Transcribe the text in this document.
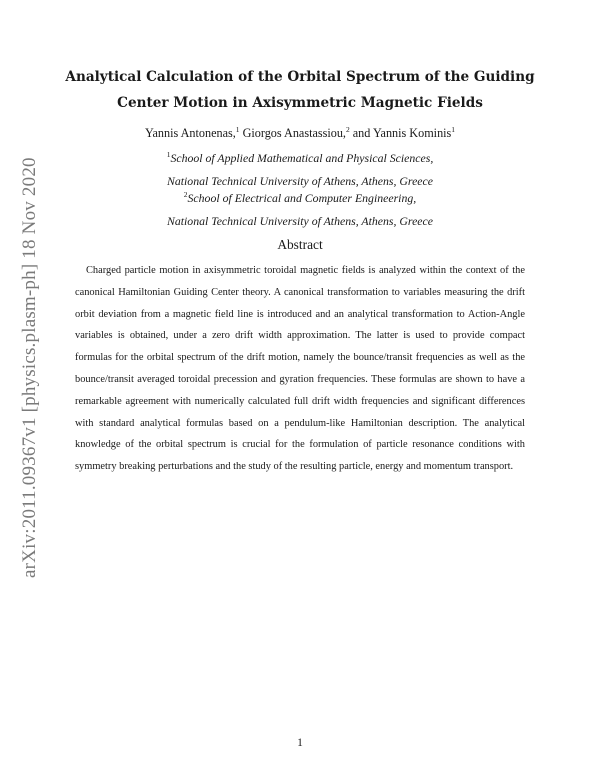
arXiv:2011.09367v1 [physics.plasm-ph] 18 Nov 2020
Analytical Calculation of the Orbital Spectrum of the Guiding
Center Motion in Axisymmetric Magnetic Fields
Yannis Antonenas,$^1$ Giorgos Anastassiou,$^2$ and Yannis Kominis$^1$
$^1$School of Applied Mathematical and Physical Sciences,
National Technical University of Athens, Athens, Greece
$^2$School of Electrical and Computer Engineering,
National Technical University of Athens, Athens, Greece
Abstract

Charged particle motion in axisymmetric toroidal magnetic fields is analyzed within the context of the canonical Hamiltonian Guiding Center theory. A canonical transformation to variables measuring the drift orbit deviation from a magnetic field line is introduced and an analytical transformation to Action-Angle variables is obtained, under a zero drift width approximation. The latter is used to provide compact formulas for the orbital spectrum of the drift motion, namely the bounce/transit frequencies as well as the bounce/transit averaged toroidal precession and gyration frequencies. These formulas are shown to have a remarkable agreement with numerically calculated full drift width frequencies and significant differences with standard analytical formulas based on a pendulum-like Hamiltonian description. The analytical knowledge of the orbital spectrum is crucial for the formulation of particle resonance conditions with symmetry breaking perturbations and the study of the resulting particle, energy and momentum transport.

1
